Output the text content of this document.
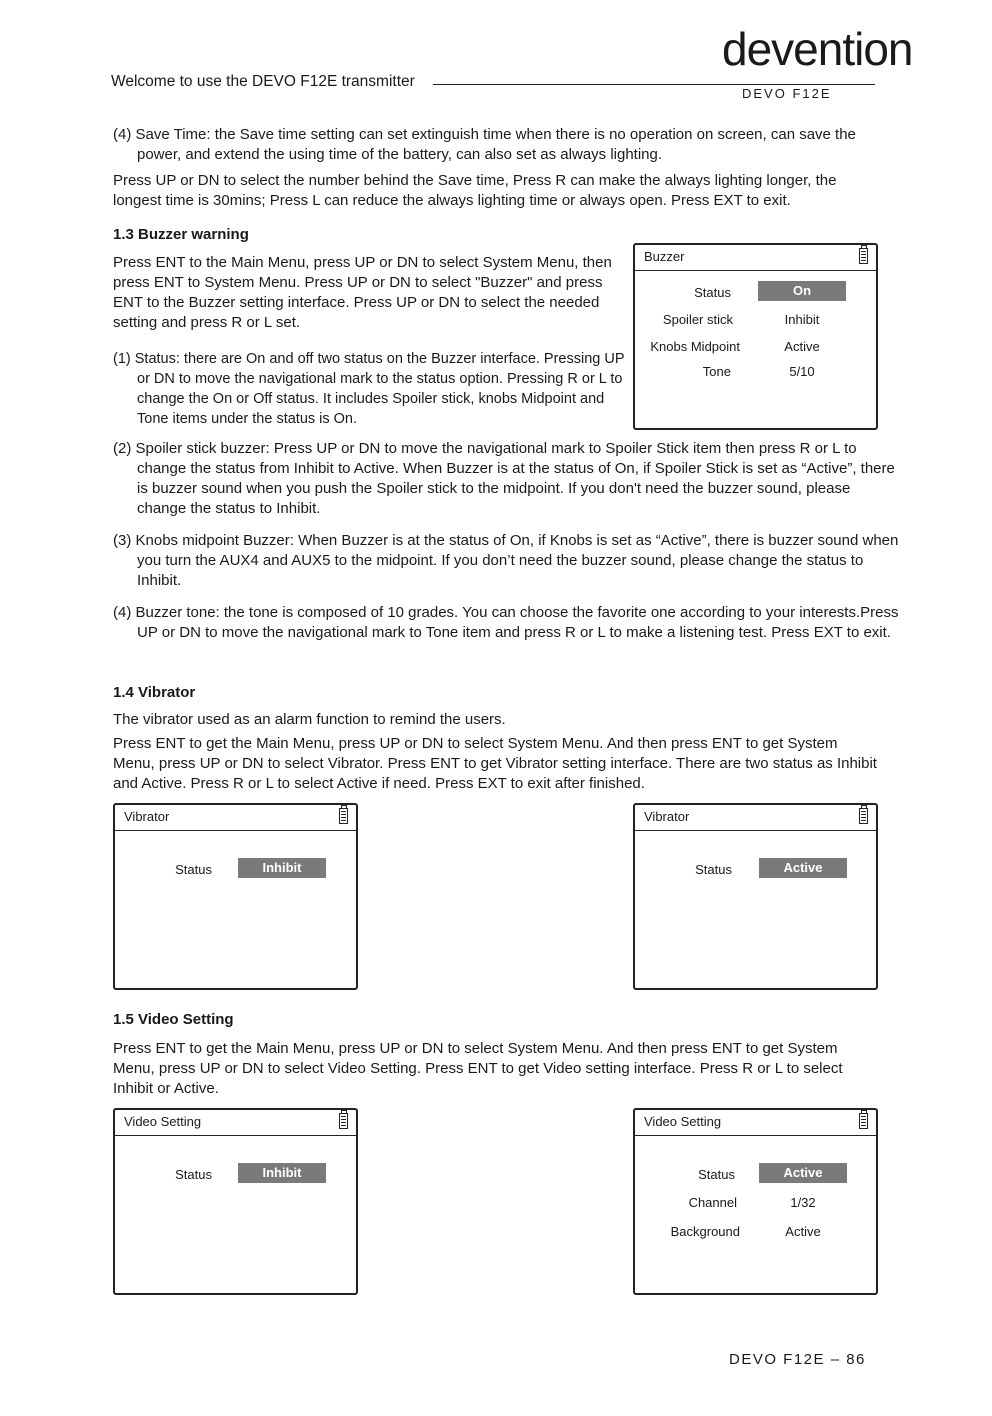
Welcome to use the DEVO F12E transmitter
devention
DEVO F12E
(4) Save Time: the Save time setting can set extinguish time when there is no operation on screen, can save the power, and extend the using time of the battery, can also set as always lighting.
Press UP or DN to select the number behind the Save time, Press R can make the always lighting longer, the longest time is 30mins; Press L can reduce the always lighting time or always open. Press EXT to exit.
1.3 Buzzer warning
Press ENT to the Main Menu, press UP or DN to select System Menu, then press ENT to System Menu. Press UP or DN to select "Buzzer" and press ENT to the Buzzer setting interface. Press UP or DN to select the needed setting and press R or L set.
(1) Status: there are On and off two status on the Buzzer interface. Pressing UP or DN to move the navigational mark to the status option. Pressing R or L to change the On or Off status. It includes Spoiler stick, knobs Midpoint and Tone items under the status is On.
Buzzer
Status	On
Spoiler stick	Inhibit
Knobs Midpoint	Active
Tone	5/10
(2) Spoiler stick buzzer: Press UP or DN to move the navigational mark to Spoiler Stick item then press R or L to change the status from Inhibit to Active. When Buzzer is at the status of On, if Spoiler Stick is set as “Active”, there is buzzer sound when you push the Spoiler stick to the midpoint. If you don't need the buzzer sound, please change the status to Inhibit.
(3) Knobs midpoint Buzzer: When Buzzer is at the status of On, if Knobs is set as “Active”, there is buzzer sound when you turn the AUX4 and AUX5 to the midpoint. If you don’t need the buzzer sound, please change the status to Inhibit.
(4) Buzzer tone: the tone is composed of 10 grades. You can choose the favorite one according to your interests.Press UP or DN to move the navigational mark to Tone item and press R or L to make a listening test. Press EXT to exit.
1.4 Vibrator
The vibrator used as an alarm function to remind the users.
Press ENT to get the Main Menu, press UP or DN to select System Menu. And then press ENT to get System Menu, press UP or DN to select Vibrator. Press ENT to get Vibrator setting interface. There are two status as Inhibit and Active. Press R or L to select Active if need. Press EXT to exit after finished.
Vibrator
Status	Inhibit
Vibrator
Status	Active
1.5 Video Setting
Press ENT to get the Main Menu, press UP or DN to select System Menu. And then press ENT to get System Menu, press UP or DN to select Video Setting. Press ENT to get Video setting interface. Press R or L to select Inhibit or Active.
Video Setting
Status	Inhibit
Video Setting
Status	Active
Channel	1/32
Background	Active
DEVO F12E – 86
